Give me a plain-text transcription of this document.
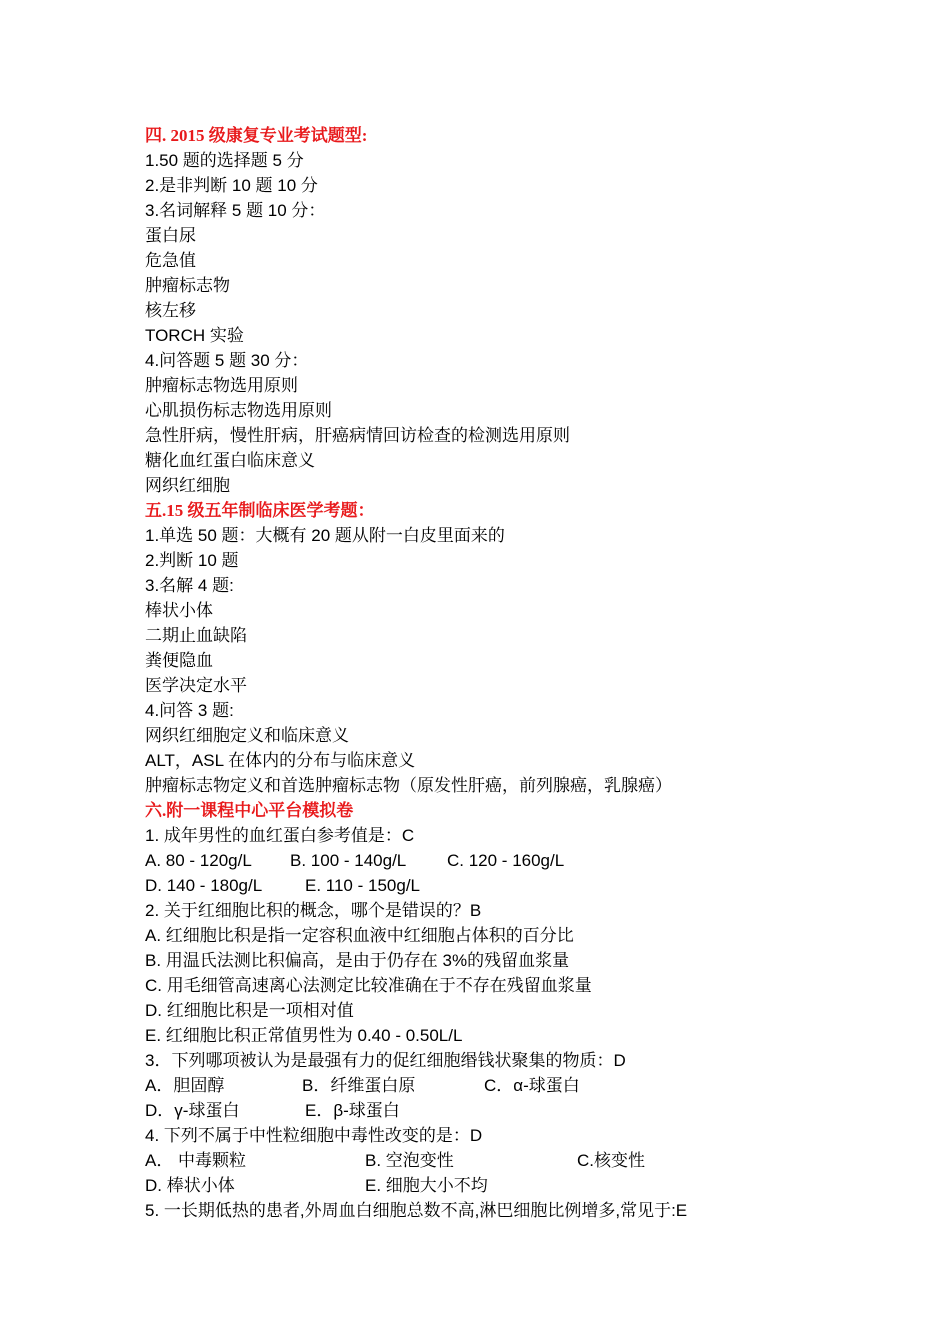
四. 2015 级康复专业考试题型:
1.50 题的选择题 5 分
2.是非判断 10 题 10 分
3.名词解释 5 题 10 分：
蛋白尿
危急值
肿瘤标志物
核左移
TORCH 实验
4.问答题 5 题 30 分：
肿瘤标志物选用原则
心肌损伤标志物选用原则
急性肝病，慢性肝病，肝癌病情回访检查的检测选用原则
糖化血红蛋白临床意义
网织红细胞
五.15 级五年制临床医学考题：
1.单选 50 题：大概有 20 题从附一白皮里面来的
2.判断 10 题
3.名解 4 题:
棒状小体
二期止血缺陷
粪便隐血
医学决定水平
4.问答 3 题:
网织红细胞定义和临床意义
ALT，ASL 在体内的分布与临床意义
肿瘤标志物定义和首选肿瘤标志物（原发性肝癌，前列腺癌，乳腺癌）
六.附一课程中心平台模拟卷
1. 成年男性的血红蛋白参考值是：C
A. 80 - 120g/L B. 100 - 140g/L C. 120 - 160g/L
D. 140 - 180g/L	E. 110 - 150g/L
2. 关于红细胞比积的概念，哪个是错误的？B
A. 红细胞比积是指一定容积血液中红细胞占体积的百分比
B. 用温氏法测比积偏高，是由于仍存在 3%的残留血浆量
C. 用毛细管高速离心法测定比较准确在于不存在残留血浆量
D. 红细胞比积是一项相对值
E. 红细胞比积正常值男性为 0.40 - 0.50L/L
3．下列哪项被认为是最强有力的促红细胞缗钱状聚集的物质：D
A．胆固醇	B．纤维蛋白原	C．α-球蛋白
D．γ-球蛋白	E．β-球蛋白
4. 下列不属于中性粒细胞中毒性改变的是：D
A． 中毒颗粒	B. 空泡变性	C.核变性
D. 棒状小体	E. 细胞大小不均
5. 一长期低热的患者,外周血白细胞总数不高,淋巴细胞比例增多,常见于:E
